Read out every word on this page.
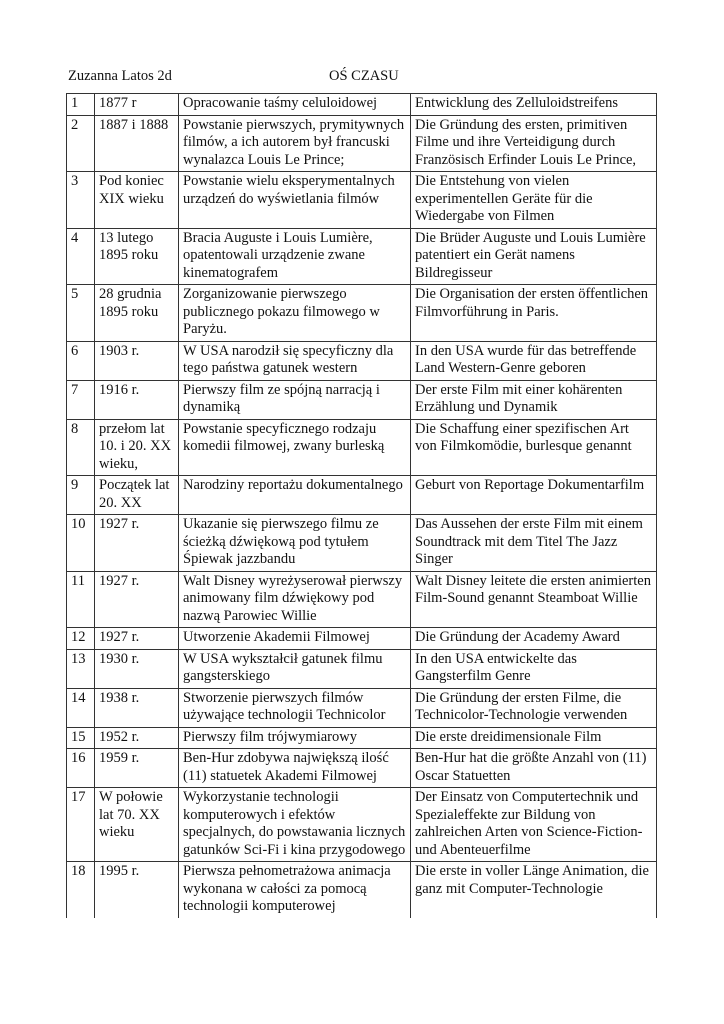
Zuzanna Latos 2d	OŚ CZASU
1	1877 r	Opracowanie taśmy celuloidowej	Entwicklung des Zelluloidstreifens
2	1887 i 1888	Powstanie pierwszych, prymitywnych filmów, a ich autorem był francuski wynalazca Louis Le Prince;	Die Gründung des ersten, primitiven Filme und ihre Verteidigung durch Französisch Erfinder Louis Le Prince,
3	Pod koniec XIX wieku	Powstanie wielu eksperymentalnych urządzeń do wyświetlania filmów	Die Entstehung von vielen experimentellen Geräte für die Wiedergabe von Filmen
4	13 lutego 1895 roku	Bracia Auguste i Louis Lumière, opatentowali urządzenie zwane kinematografem	Die Brüder Auguste und Louis Lumière patentiert ein Gerät namens Bildregisseur
5	28 grudnia 1895 roku	Zorganizowanie pierwszego publicznego pokazu filmowego w Paryżu.	Die Organisation der ersten öffentlichen Filmvorführung in Paris.
6	1903 r.	W USA narodził się specyficzny dla tego państwa gatunek western	In den USA wurde für das betreffende Land Western-Genre geboren
7	1916 r.	Pierwszy film ze spójną narracją i dynamiką	Der erste Film mit einer kohärenten Erzählung und Dynamik
8	przełom lat 10. i 20. XX wieku,	Powstanie specyficznego rodzaju komedii filmowej, zwany burleską	Die Schaffung einer spezifischen Art von Filmkomödie, burlesque genannt
9	Początek lat 20. XX	Narodziny reportażu dokumentalnego	Geburt von Reportage Dokumentarfilm
10	1927 r.	Ukazanie się pierwszego filmu ze ścieżką dźwiękową pod tytułem Śpiewak jazzbandu	Das Aussehen der erste Film mit einem Soundtrack mit dem Titel The Jazz Singer
11	1927 r.	Walt Disney wyreżyserował pierwszy animowany film dźwiękowy pod nazwą Parowiec Willie	Walt Disney leitete die ersten animierten Film-Sound genannt Steamboat Willie
12	1927 r.	Utworzenie Akademii Filmowej	Die Gründung der Academy Award
13	1930 r.	W USA wykształcił gatunek filmu gangsterskiego	In den USA entwickelte das Gangsterfilm Genre
14	1938 r.	Stworzenie pierwszych filmów używające technologii Technicolor	Die Gründung der ersten Filme, die Technicolor-Technologie verwenden
15	1952 r.	Pierwszy film trójwymiarowy	Die erste dreidimensionale Film
16	1959 r.	Ben-Hur zdobywa największą ilość (11) statuetek Akademi Filmowej	Ben-Hur hat die größte Anzahl von (11) Oscar Statuetten
17	W połowie lat 70. XX wieku	Wykorzystanie technologii komputerowych i efektów specjalnych, do powstawania licznych gatunków Sci-Fi i kina przygodowego	Der Einsatz von Computertechnik und Spezialeffekte zur Bildung von zahlreichen Arten von Science-Fiction- und Abenteuerfilme
18	1995 r.	Pierwsza pełnometrażowa animacja wykonana w całości za pomocą technologii komputerowej	Die erste in voller Länge Animation, die ganz mit Computer-Technologie
